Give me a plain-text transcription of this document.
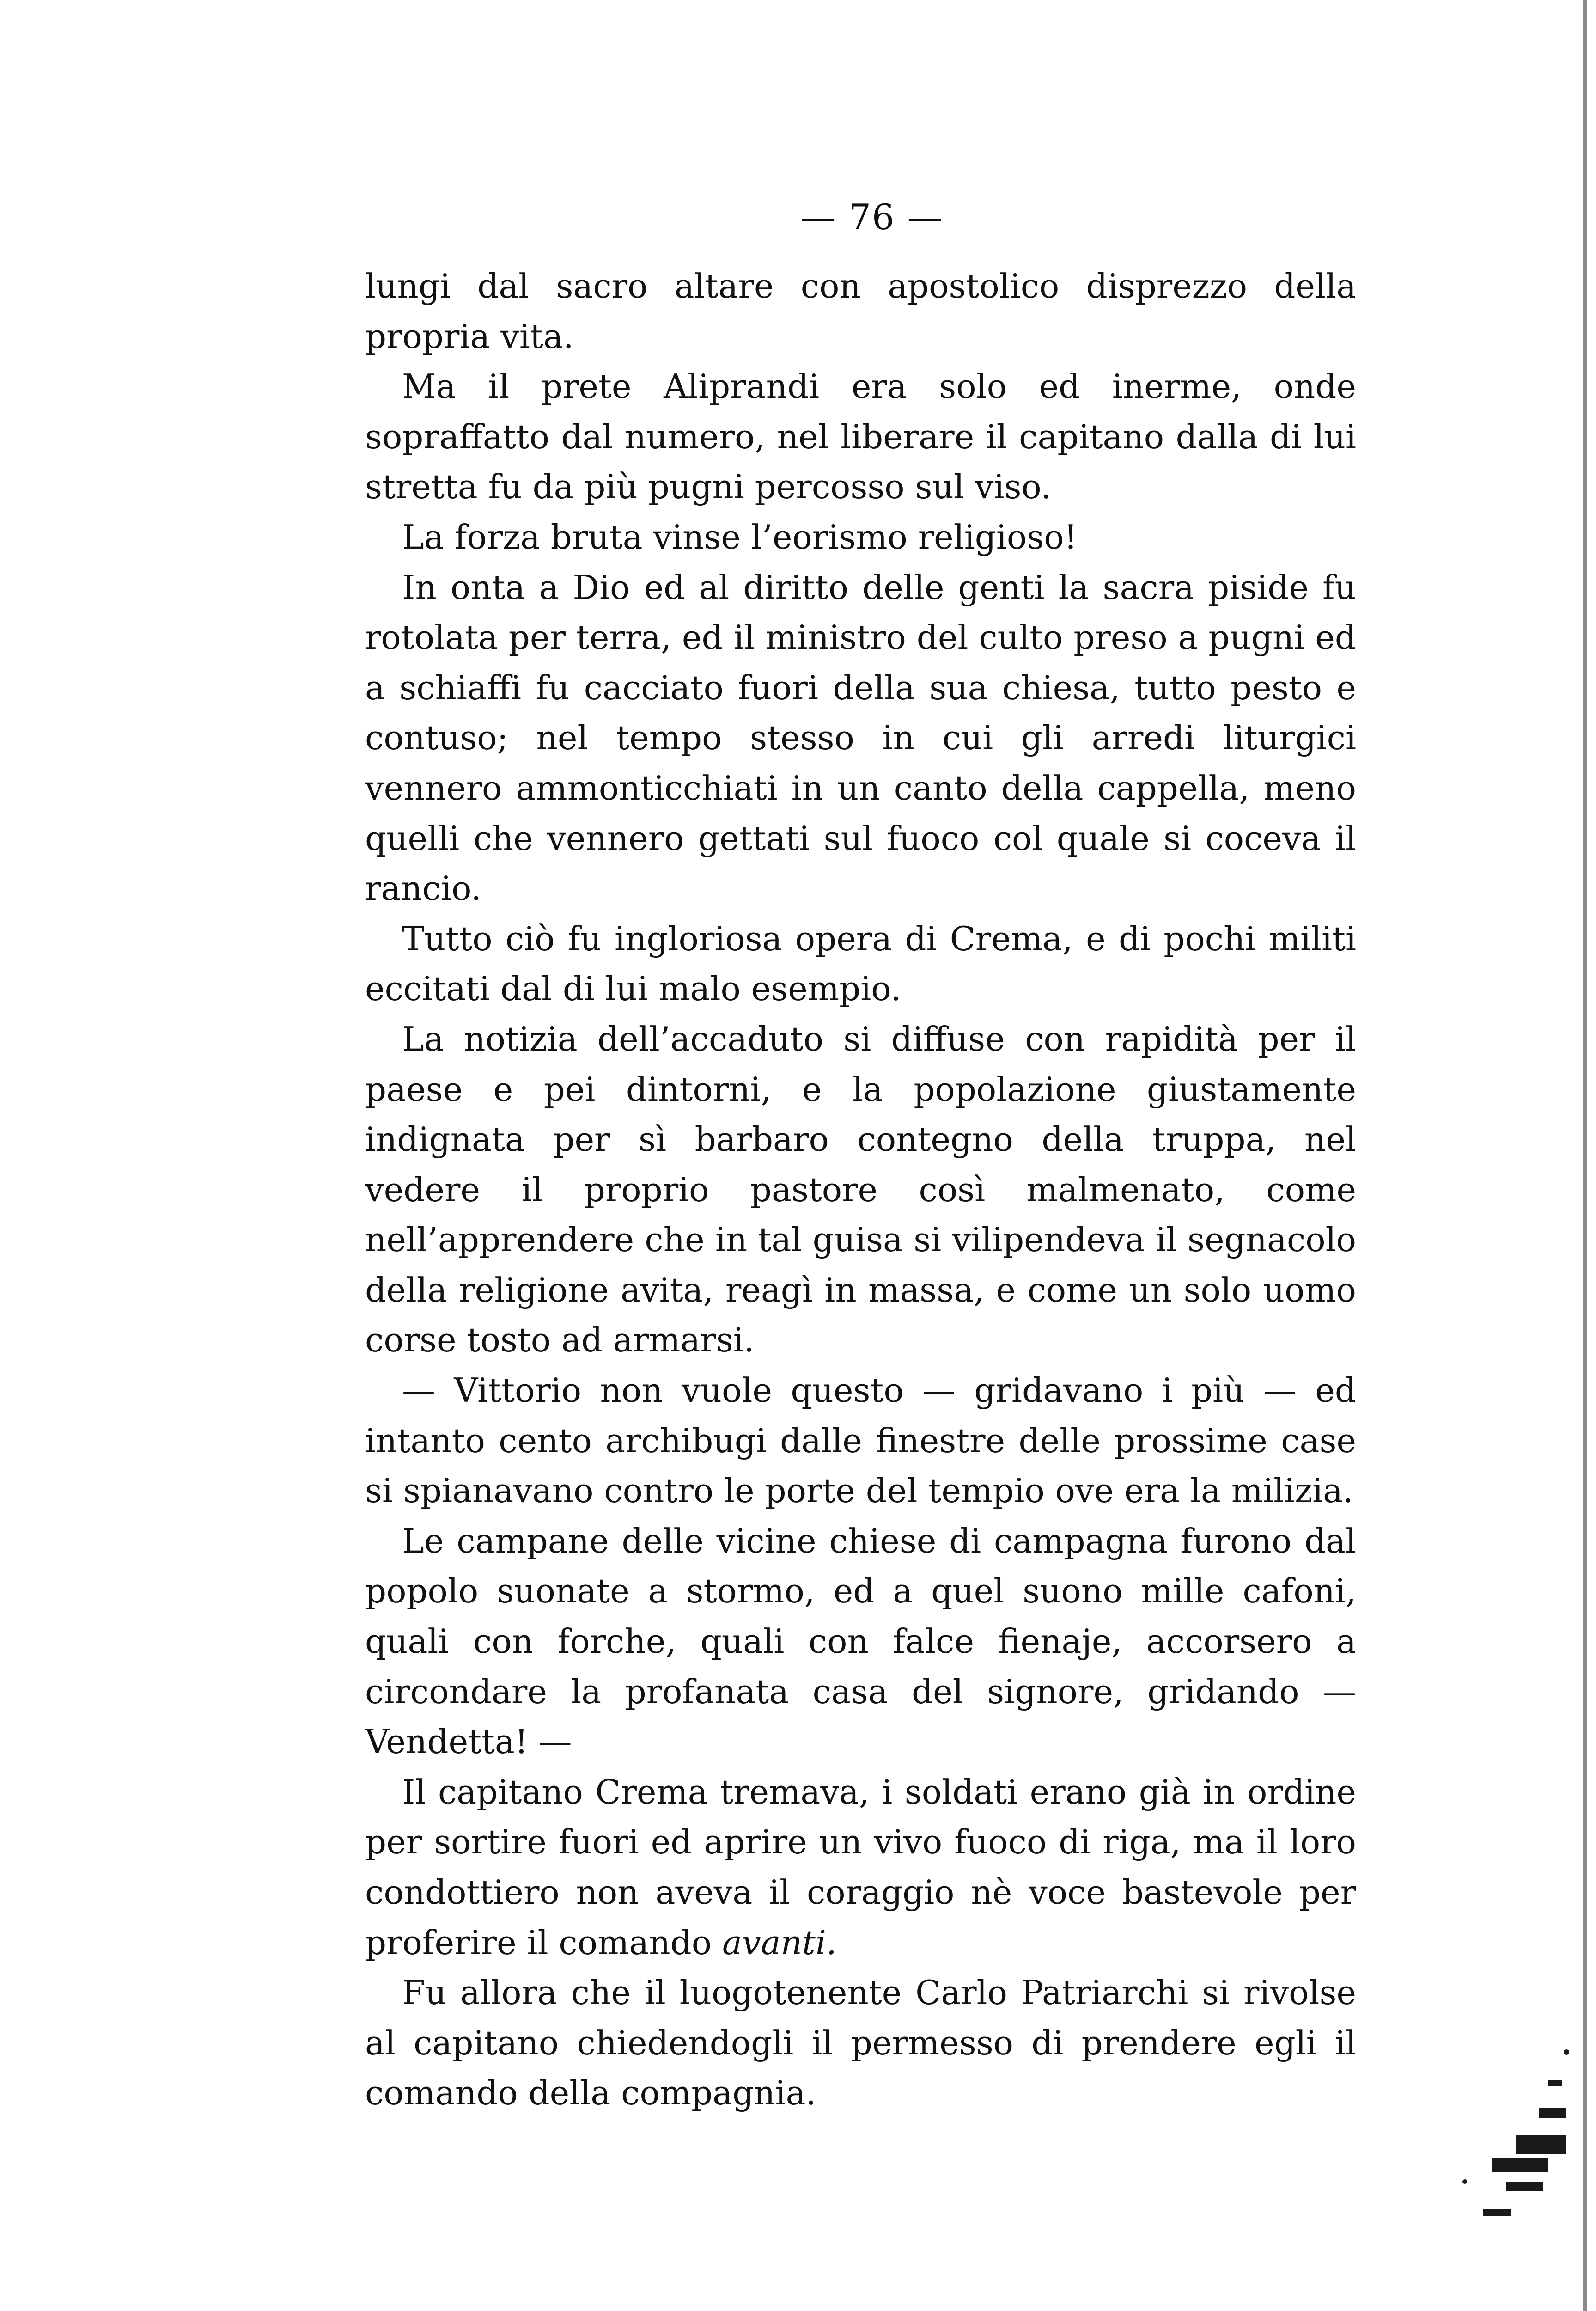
— 76 —

lungi dal sacro altare con apostolico disprezzo della propria vita.

Ma il prete Aliprandi era solo ed inerme, onde sopraffatto dal numero, nel liberare il capitano dalla di lui stretta fu da più pugni percosso sul viso.

La forza bruta vinse l’eorismo religioso!

In onta a Dio ed al diritto delle genti la sacra piside fu rotolata per terra, ed il ministro del culto preso a pugni ed a schiaffi fu cacciato fuori della sua chiesa, tutto pesto e contuso; nel tempo stesso in cui gli arredi liturgici vennero ammonticchiati in un canto della cappella, meno quelli che vennero gettati sul fuoco col quale si coceva il rancio.

Tutto ciò fu ingloriosa opera di Crema, e di pochi militi eccitati dal di lui malo esempio.

La notizia dell’accaduto si diffuse con rapidità per il paese e pei dintorni, e la popolazione giustamente indignata per sì barbaro contegno della truppa, nel vedere il proprio pastore così malmenato, come nell’apprendere che in tal guisa si vilipendeva il segnacolo della religione avita, reagì in massa, e come un solo uomo corse tosto ad armarsi.

— Vittorio non vuole questo — gridavano i più — ed intanto cento archibugi dalle finestre delle prossime case si spianavano contro le porte del tempio ove era la milizia.

Le campane delle vicine chiese di campagna furono dal popolo suonate a stormo, ed a quel suono mille cafoni, quali con forche, quali con falce fienaje, accorsero a circondare la profanata casa del signore, gridando — Vendetta! —

Il capitano Crema tremava, i soldati erano già in ordine per sortire fuori ed aprire un vivo fuoco di riga, ma il loro condottiero non aveva il coraggio nè voce bastevole per proferire il comando avanti.

Fu allora che il luogotenente Carlo Patriarchi si rivolse al capitano chiedendogli il permesso di prendere egli il comando della compagnia.
